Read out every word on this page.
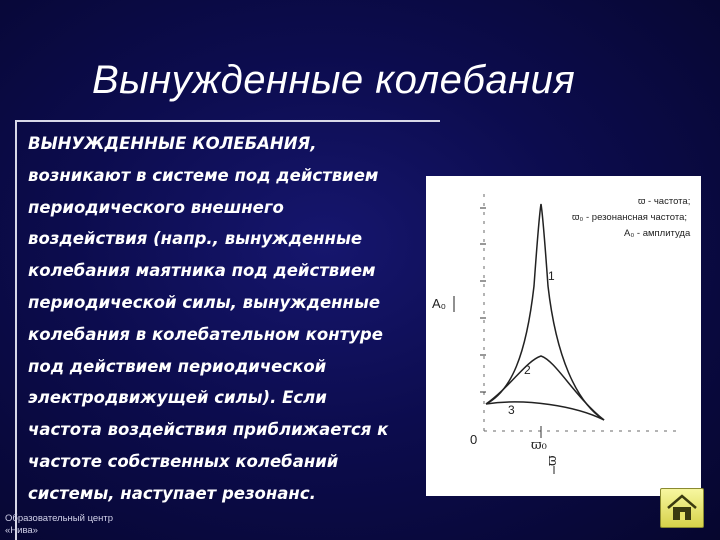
Вынужденные колебания

ВЫНУЖДЕННЫЕ КОЛЕБАНИЯ,
возникают в системе под действием
периодического внешнего
воздействия (напр., вынужденные
колебания маятника под действием
периодической силы, вынужденные
колебания в колебательном контуре
под действием периодической
электродвижущей силы). Если
частота воздействия приближается к
частоте собственных колебаний
системы, наступает резонанс.

A₀
0	ϖ₀
ϖ
1
2
3
ϖ - частота;
ϖ₀ - резонансная частота;
A₀ - амплитуда

Образовательный центр
«Нива»
